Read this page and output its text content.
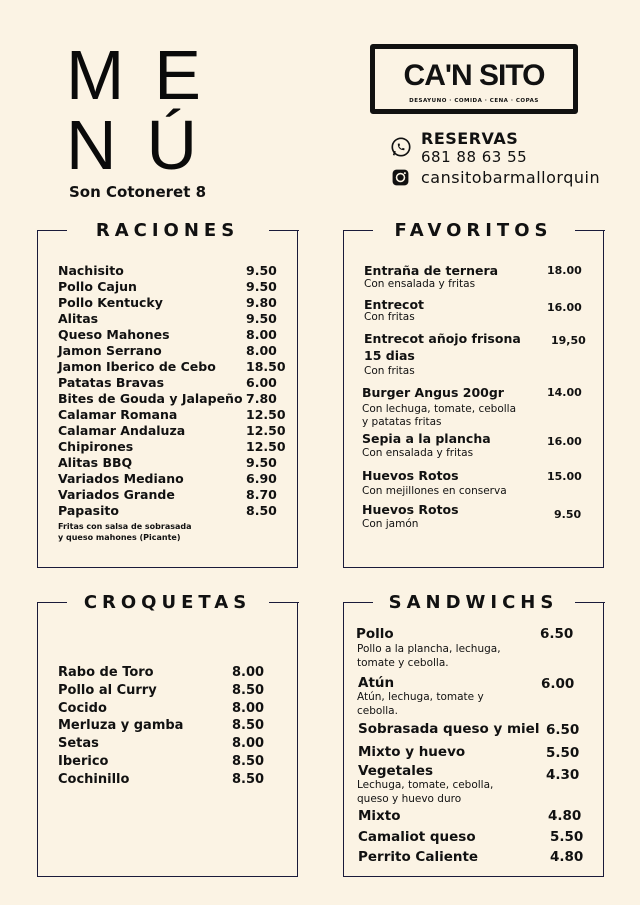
ME
NÚ
Son Cotoneret 8
CA'N SITO
DESAYUNO · COMIDA · CENA · COPAS
RESERVAS
681 88 63 55
cansitobarmallorquin
RACIONES
Nachisito	9.50
Pollo Cajun	9.50
Pollo Kentucky	9.80
Alitas	9.50
Queso Mahones	8.00
Jamon Serrano	8.00
Jamon Iberico de Cebo 18.50
Patatas Bravas	6.00
Bites de Gouda y Jalapeño 7.80
Calamar Romana	12.50
Calamar Andaluza	12.50
Chipirones	12.50
Alitas BBQ	9.50
Variados Mediano	6.90
Variados Grande	8.70
Papasito	8.50
Fritas con salsa de sobrasada
y queso mahones (Picante)
FAVORITOS
Entraña de ternera
Con ensalada y fritas
18.00
Entrecot
Con fritas
16.00
Entrecot añojo frisona
15 dias
Con fritas
19,50
Burger Angus 200gr
Con lechuga, tomate, cebolla
y patatas fritas
14.00
Sepia a la plancha
Con ensalada y fritas
16.00
Huevos Rotos
Con mejillones en conserva
15.00
Huevos Rotos
Con jamón
9.50
CROQUETAS
Rabo de Toro	8.00
Pollo al Curry	8.50
Cocido	8.00
Merluza y gamba	8.50
Setas	8.00
Iberico	8.50
Cochinillo	8.50
SANDWICHS
Pollo
Pollo a la plancha, lechuga,
tomate y cebolla.
6.50
Atún
Atún, lechuga, tomate y
cebolla.
6.00
Sobrasada queso y miel 6.50
Mixto y huevo	5.50
Vegetales
Lechuga, tomate, cebolla,
queso y huevo duro
4.30
Mixto	4.80
Camaliot queso	5.50
Perrito Caliente	4.80
